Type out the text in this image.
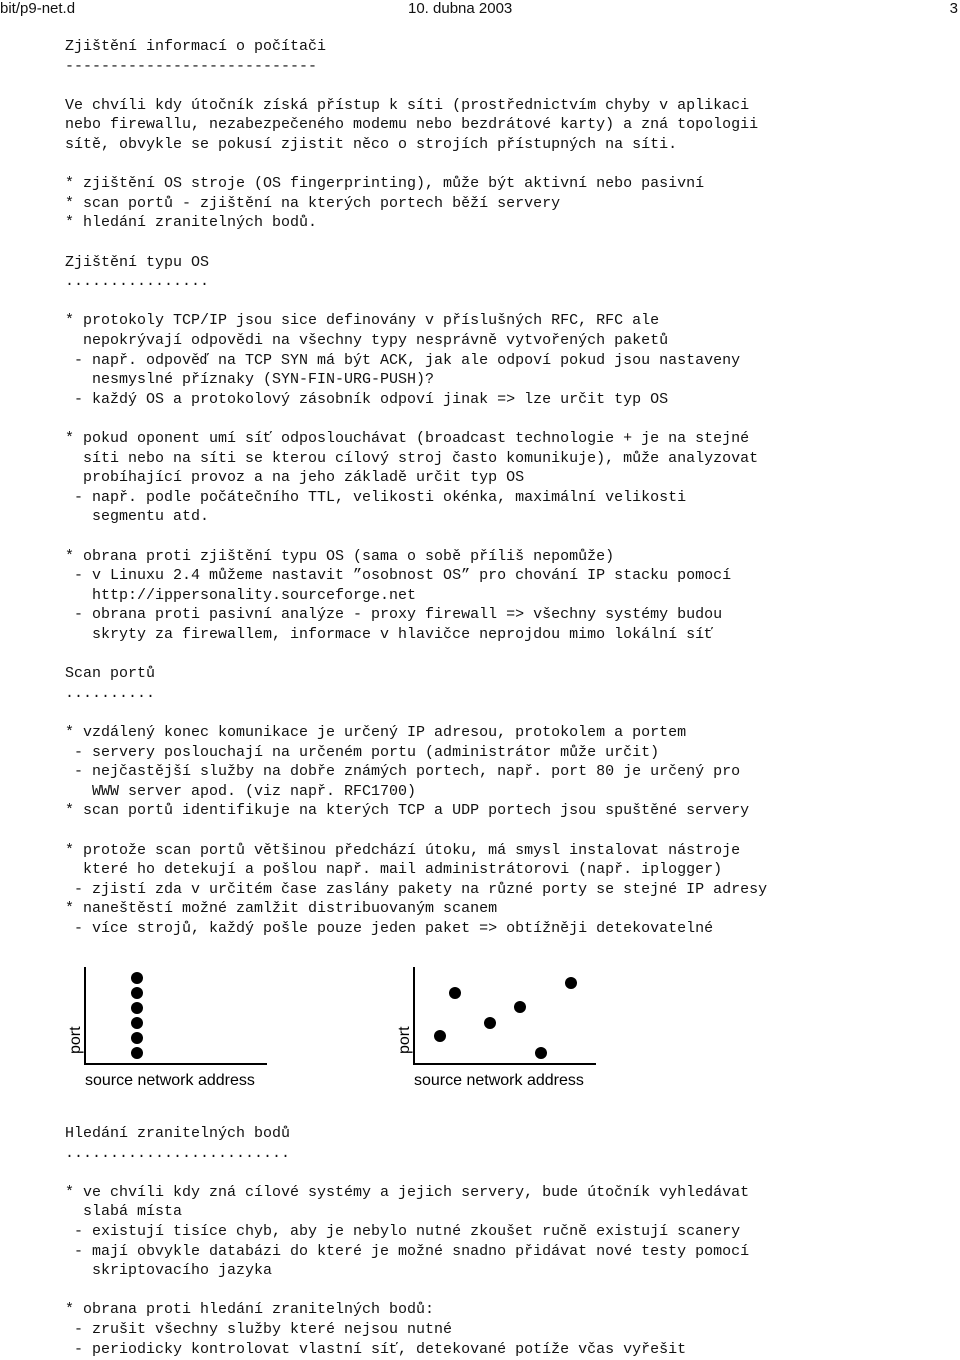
bit/p9-net.d	10. dubna 2003	3
Zjištění informací o počítači
----------------------------
Ve chvíli kdy útočník získá přístup k síti (prostřednictvím chyby v aplikaci
nebo firewallu, nezabezpečeného modemu nebo bezdrátové karty) a zná topologii
sítě, obvykle se pokusí zjistit něco o strojích přístupných na síti.
* zjištění OS stroje (OS fingerprinting), může být aktivní nebo pasivní
* scan portů - zjištění na kterých portech běží servery
* hledání zranitelných bodů.
Zjištění typu OS
................
* protokoly TCP/IP jsou sice definovány v příslušných RFC, RFC ale
nepokrývají odpovědi na všechny typy nesprávně vytvořených paketů
- např. odpověď na TCP SYN má být ACK, jak ale odpoví pokud jsou nastaveny
nesmyslné příznaky (SYN-FIN-URG-PUSH)?
- každý OS a protokolový zásobník odpoví jinak => lze určit typ OS
* pokud oponent umí síť odposlouchávat (broadcast technologie + je na stejné
síti nebo na síti se kterou cílový stroj často komunikuje), může analyzovat
probíhající provoz a na jeho základě určit typ OS
- např. podle počátečního TTL, velikosti okénka, maximální velikosti
segmentu atd.
* obrana proti zjištění typu OS (sama o sobě příliš nepomůže)
- v Linuxu 2.4 můžeme nastavit ”osobnost OS” pro chování IP stacku pomocí
http://ippersonality.sourceforge.net
- obrana proti pasivní analýze - proxy firewall => všechny systémy budou
skryty za firewallem, informace v hlavičce neprojdou mimo lokální síť
Scan portů
..........
* vzdálený konec komunikace je určený IP adresou, protokolem a portem
- servery poslouchají na určeném portu (administrátor může určit)
- nejčastější služby na dobře známých portech, např. port 80 je určený pro
WWW server apod. (viz např. RFC1700)
* scan portů identifikuje na kterých TCP a UDP portech jsou spuštěné servery
* protože scan portů většinou předchází útoku, má smysl instalovat nástroje
které ho detekují a pošlou např. mail administrátorovi (např. iplogger)
- zjistí zda v určitém čase zaslány pakety na různé porty se stejné IP adresy
* naneštěstí možné zamlžit distribuovaným scanem
- více strojů, každý pošle pouze jeden paket => obtížněji detekovatelné
port
source network address
port
source network address
Hledání zranitelných bodů
.........................
* ve chvíli kdy zná cílové systémy a jejich servery, bude útočník vyhledávat
slabá místa
- existují tisíce chyb, aby je nebylo nutné zkoušet ručně existují scanery
- mají obvykle databázi do které je možné snadno přidávat nové testy pomocí
skriptovacího jazyka
* obrana proti hledání zranitelných bodů:
- zrušit všechny služby které nejsou nutné
- periodicky kontrolovat vlastní síť, detekované potíže včas vyřešit
